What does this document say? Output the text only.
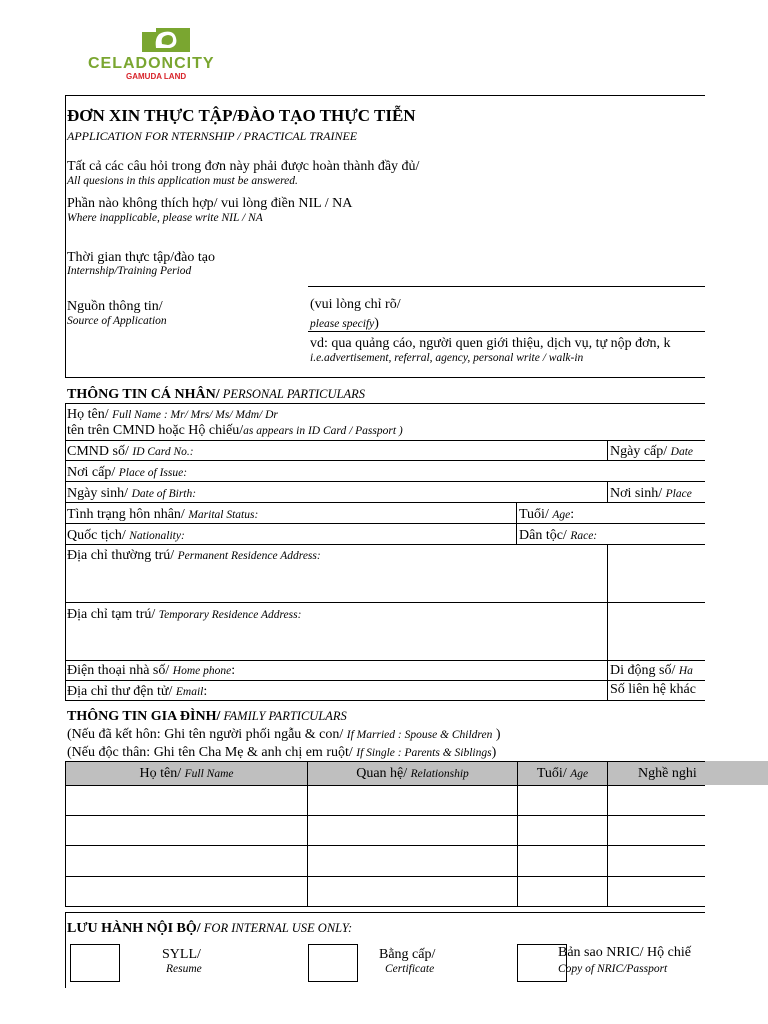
CELADONCITY
GAMUDA LAND
ĐƠN XIN THỰC TẬP/ĐÀO TẠO THỰC TIỄN
APPLICATION FOR NTERNSHIP / PRACTICAL TRAINEE
Tất cả các câu hỏi trong đơn này phải được hoàn thành đầy đủ/
All quesions in this application must be answered.
Phần nào không thích hợp/ vui lòng điền NIL / NA
Where inapplicable, please write NIL / NA
Thời gian thực tập/đào tạo
Internship/Training Period
Nguồn thông tin/
Source of Application
(vui lòng chỉ rõ/
please specify)
vd: qua quảng cáo, người quen giới thiệu, dịch vụ, tự nộp đơn, k
i.e.advertisement, referral, agency, personal write / walk-in
THÔNG TIN CÁ NHÂN/ PERSONAL PARTICULARS
Họ tên/ Full Name : Mr/ Mrs/ Ms/ Mdm/ Dr
tên trên CMND hoặc Hộ chiếu/as appears in ID Card / Passport )
CMND số/ ID Card No.:	Ngày cấp/ Date
Nơi cấp/ Place of Issue:
Ngày sinh/ Date of Birth:	Nơi sinh/ Place
Tình trạng hôn nhân/ Marital Status:	Tuổi/ Age:
Quốc tịch/ Nationality:	Dân tộc/ Race:
Địa chỉ thường trú/ Permanent Residence Address:
Địa chỉ tạm trú/ Temporary Residence Address:
Điện thoại nhà số/ Home phone:	Di động số/ Ha
Địa chỉ thư đện tử/ Email:	Số liên hệ khác
THÔNG TIN GIA ĐÌNH/ FAMILY PARTICULARS
(Nếu đã kết hôn: Ghi tên người phối ngẫu & con/ If Married : Spouse & Children )
(Nếu độc thân: Ghi tên Cha Mẹ & anh chị em ruột/ If Single : Parents & Siblings)
Họ tên/ Full Name	Quan hệ/ Relationship	Tuổi/ Age	Nghề nghi
LƯU HÀNH NỘI BỘ/ FOR INTERNAL USE ONLY:
SYLL/
Resume
Bằng cấp/
Certificate
Bản sao NRIC/ Hộ chiế
Copy of NRIC/Passport
